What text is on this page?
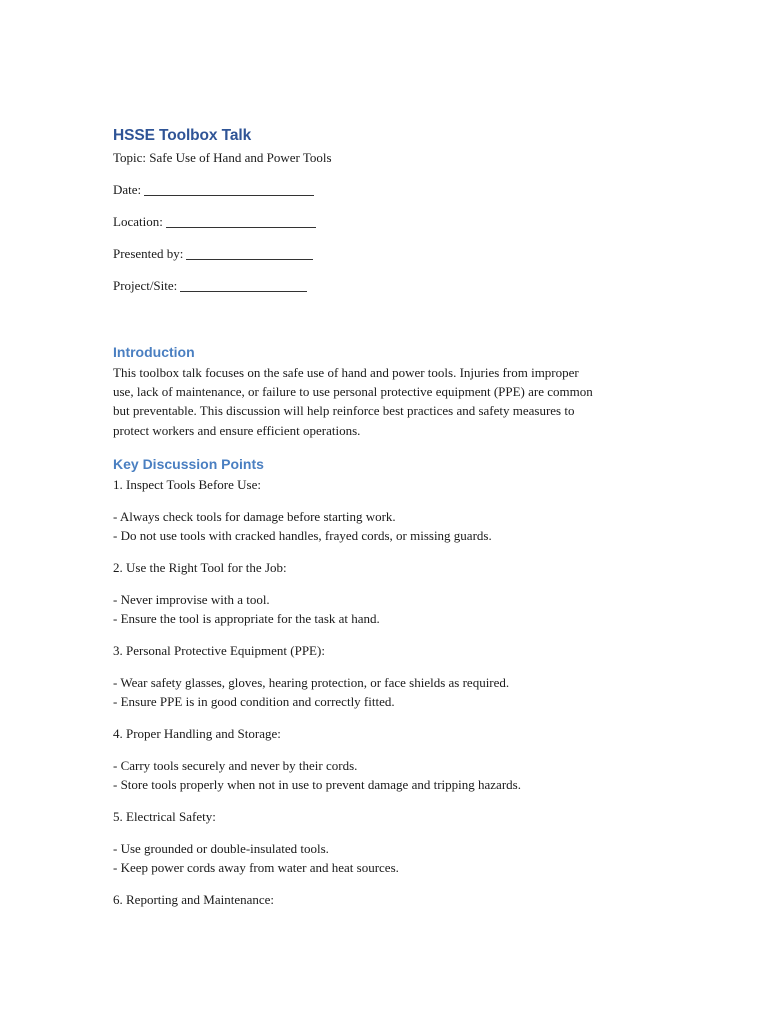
HSSE Toolbox Talk

Topic: Safe Use of Hand and Power Tools

Date:

Location:

Presented by:

Project/Site:

Introduction
This toolbox talk focuses on the safe use of hand and power tools. Injuries from improper
use, lack of maintenance, or failure to use personal protective equipment (PPE) are common
but preventable. This discussion will help reinforce best practices and safety measures to
protect workers and ensure efficient operations.
Key Discussion Points

1. Inspect Tools Before Use:

- Always check tools for damage before starting work.
- Do not use tools with cracked handles, frayed cords, or missing guards.

2. Use the Right Tool for the Job:

- Never improvise with a tool.
- Ensure the tool is appropriate for the task at hand.

3. Personal Protective Equipment (PPE):

- Wear safety glasses, gloves, hearing protection, or face shields as required.
- Ensure PPE is in good condition and correctly fitted.

4. Proper Handling and Storage:

- Carry tools securely and never by their cords.
- Store tools properly when not in use to prevent damage and tripping hazards.

5. Electrical Safety:

- Use grounded or double-insulated tools.
- Keep power cords away from water and heat sources.

6. Reporting and Maintenance:
